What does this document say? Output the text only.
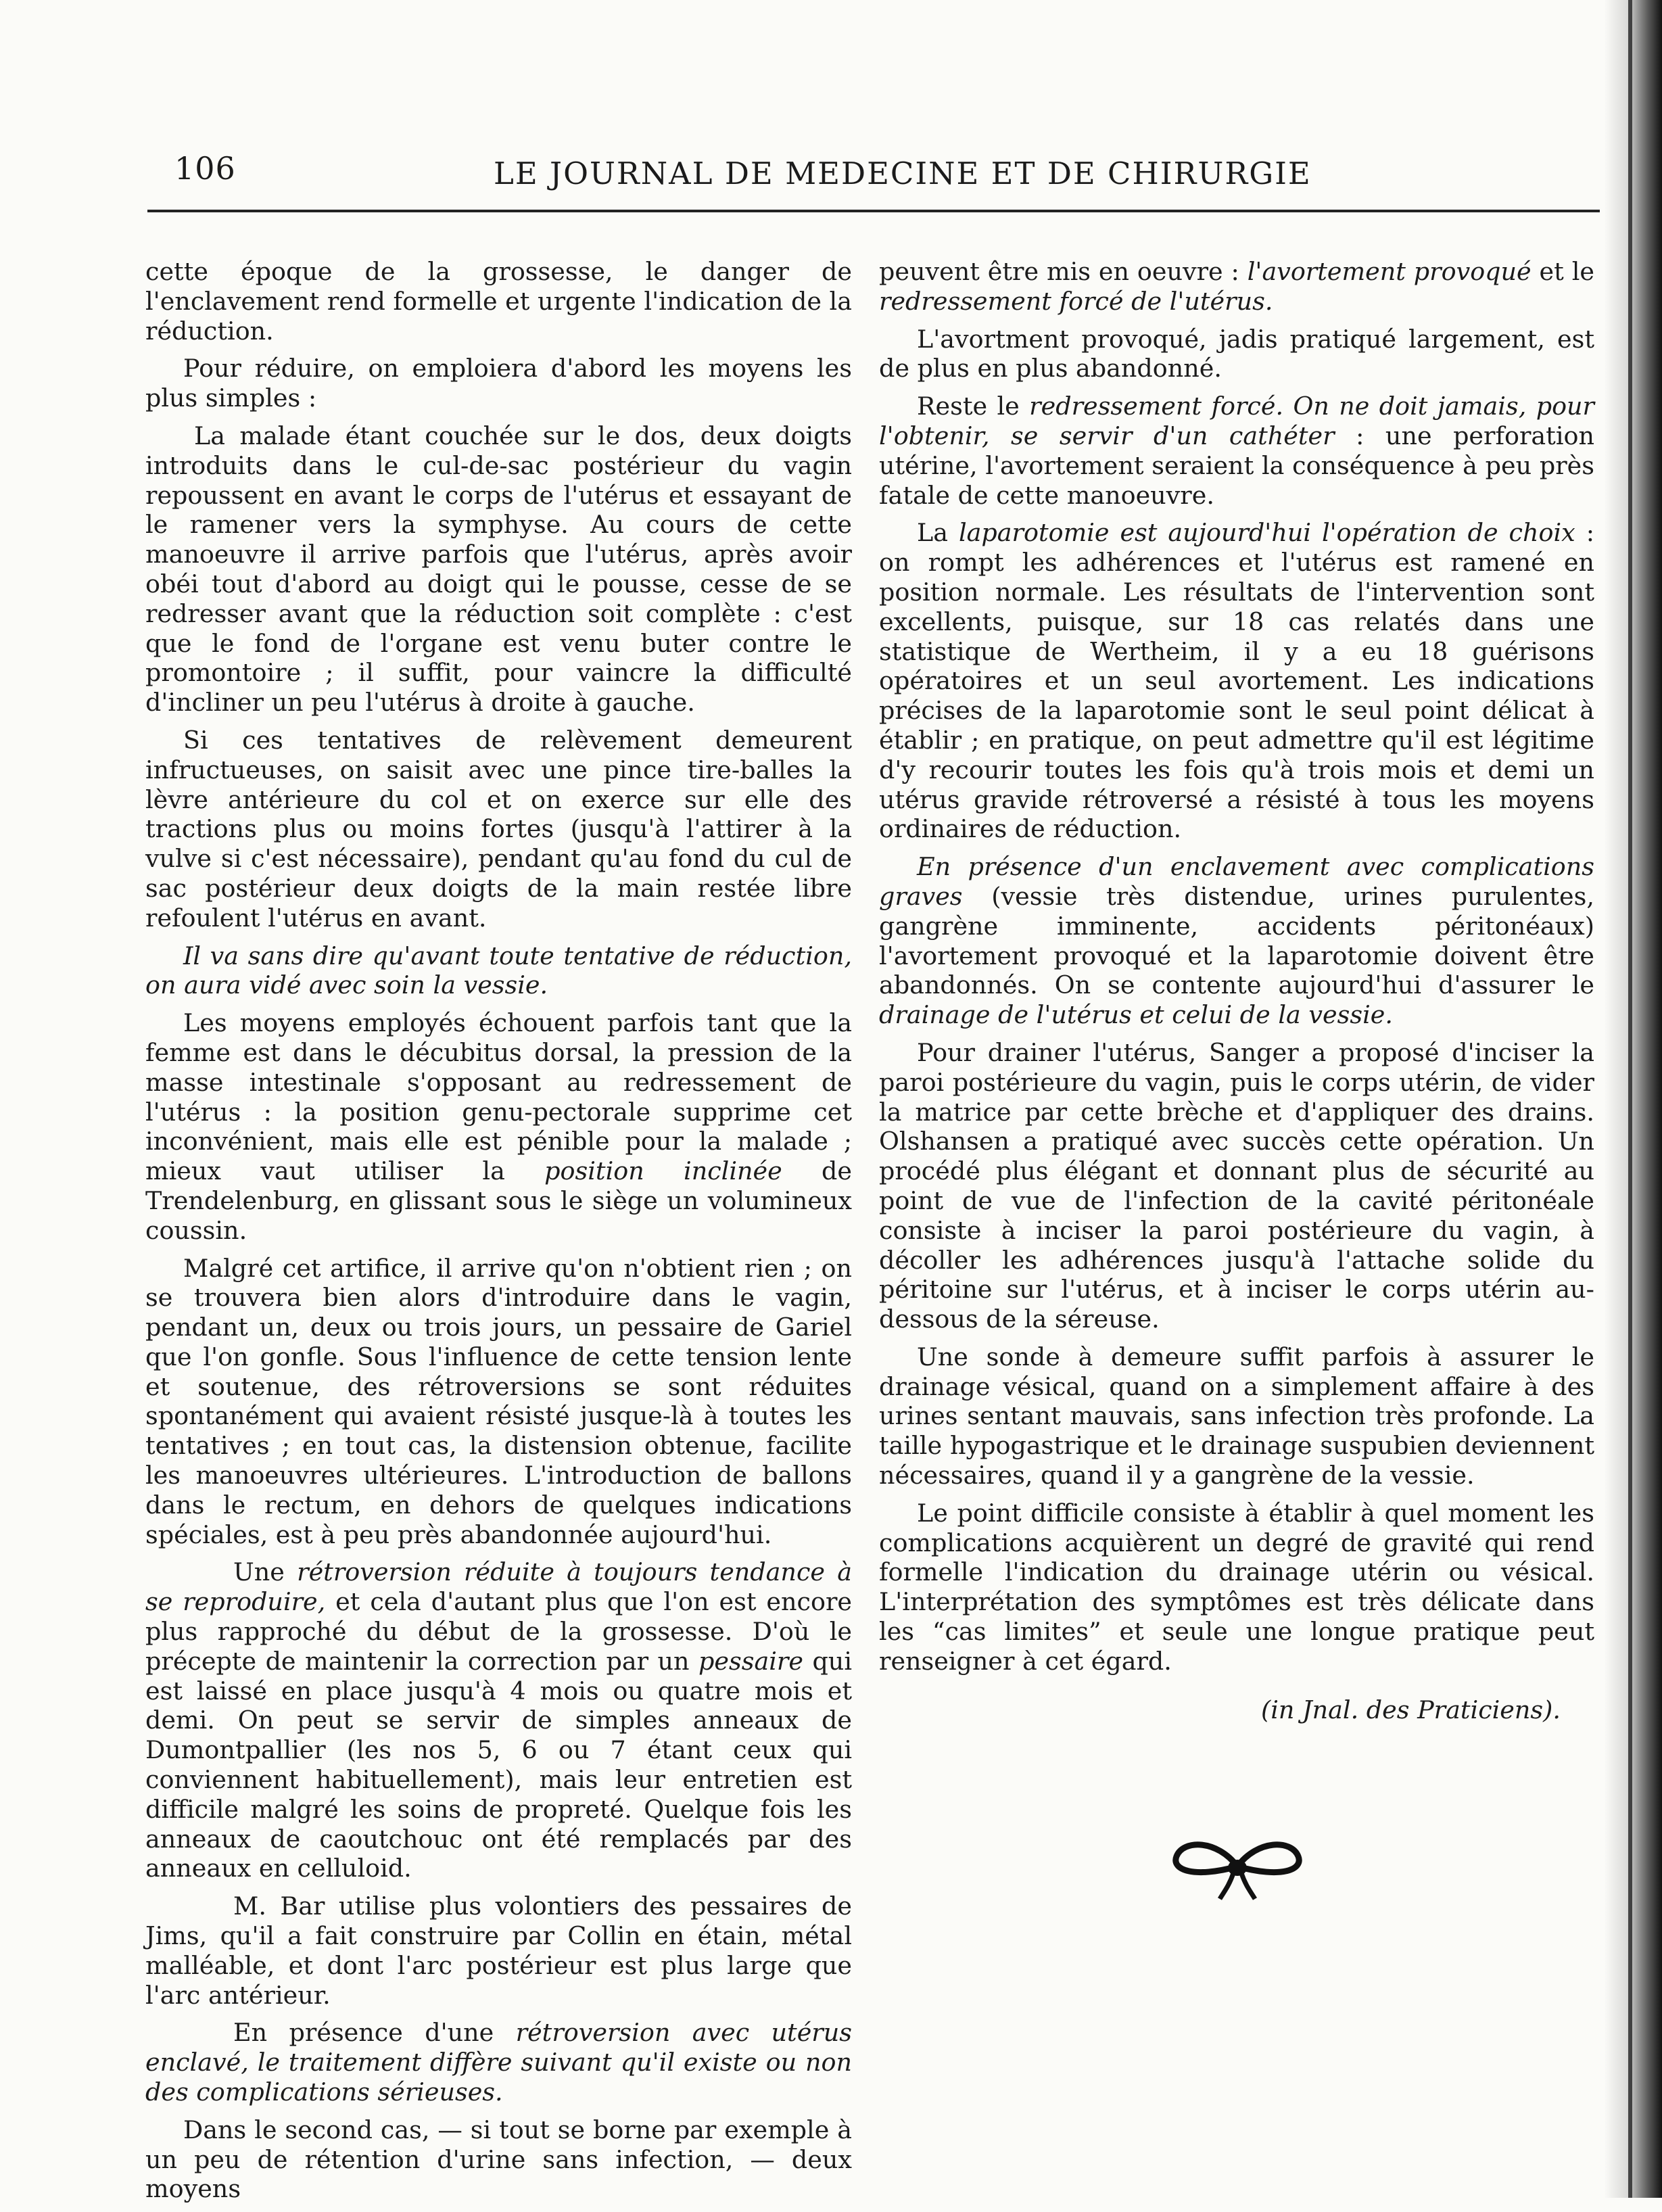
106	LE JOURNAL DE MEDECINE ET DE CHIRURGIE

cette époque de la grossesse, le danger de l'enclavement rend formelle et urgente l'indication de la réduction.

Pour réduire, on emploiera d'abord les moyens les plus simples :

La malade étant couchée sur le dos, deux doigts introduits dans le cul-de-sac postérieur du vagin repoussent en avant le corps de l'utérus et essayant de le ramener vers la symphyse. Au cours de cette manoeuvre il arrive parfois que l'utérus, après avoir obéi tout d'abord au doigt qui le pousse, cesse de se redresser avant que la réduction soit complète : c'est que le fond de l'organe est venu buter contre le promontoire ; il suffit, pour vaincre la difficulté d'incliner un peu l'utérus à droite à gauche.

Si ces tentatives de relèvement demeurent infructueuses, on saisit avec une pince tire-balles la lèvre antérieure du col et on exerce sur elle des tractions plus ou moins fortes (jusqu'à l'attirer à la vulve si c'est nécessaire), pendant qu'au fond du cul de sac postérieur deux doigts de la main restée libre refoulent l'utérus en avant.

Il va sans dire qu'avant toute tentative de réduction, on aura vidé avec soin la vessie.

Les moyens employés échouent parfois tant que la femme est dans le décubitus dorsal, la pression de la masse intestinale s'opposant au redressement de l'utérus : la position genu-pectorale supprime cet inconvénient, mais elle est pénible pour la malade ; mieux vaut utiliser la position inclinée de Trendelenburg, en glissant sous le siège un volumineux coussin.

Malgré cet artifice, il arrive qu'on n'obtient rien ; on se trouvera bien alors d'introduire dans le vagin, pendant un, deux ou trois jours, un pessaire de Gariel que l'on gonfle. Sous l'influence de cette tension lente et soutenue, des rétroversions se sont réduites spontanément qui avaient résisté jusque-là à toutes les tentatives ; en tout cas, la distension obtenue, facilite les manoeuvres ultérieures. L'introduction de ballons dans le rectum, en dehors de quelques indications spéciales, est à peu près abandonnée aujourd'hui.

Une rétroversion réduite à toujours tendance à se reproduire, et cela d'autant plus que l'on est encore plus rapproché du début de la grossesse. D'où le précepte de maintenir la correction par un pessaire qui est laissé en place jusqu'à 4 mois ou quatre mois et demi. On peut se servir de simples anneaux de Dumontpallier (les nos 5, 6 ou 7 étant ceux qui conviennent habituellement), mais leur entretien est difficile malgré les soins de propreté. Quelque fois les anneaux de caoutchouc ont été remplacés par des anneaux en celluloid.

M. Bar utilise plus volontiers des pessaires de Jims, qu'il a fait construire par Collin en étain, métal malléable, et dont l'arc postérieur est plus large que l'arc antérieur.

En présence d'une rétroversion avec utérus enclavé, le traitement diffère suivant qu'il existe ou non des complications sérieuses.

Dans le second cas, — si tout se borne par exemple à un peu de rétention d'urine sans infection, — deux moyens

peuvent être mis en oeuvre : l'avortement provoqué et le redressement forcé de l'utérus.

L'avortment provoqué, jadis pratiqué largement, est de plus en plus abandonné.

Reste le redressement forcé. On ne doit jamais, pour l'obtenir, se servir d'un cathéter : une perforation utérine, l'avortement seraient la conséquence à peu près fatale de cette manoeuvre.

La laparotomie est aujourd'hui l'opération de choix : on rompt les adhérences et l'utérus est ramené en position normale. Les résultats de l'intervention sont excellents, puisque, sur 18 cas relatés dans une statistique de Wertheim, il y a eu 18 guérisons opératoires et un seul avortement. Les indications précises de la laparotomie sont le seul point délicat à établir ; en pratique, on peut admettre qu'il est légitime d'y recourir toutes les fois qu'à trois mois et demi un utérus gravide rétroversé a résisté à tous les moyens ordinaires de réduction.

En présence d'un enclavement avec complications graves (vessie très distendue, urines purulentes, gangrène imminente, accidents péritonéaux) l'avortement provoqué et la laparotomie doivent être abandonnés. On se contente aujourd'hui d'assurer le drainage de l'utérus et celui de la vessie.

Pour drainer l'utérus, Sanger a proposé d'inciser la paroi postérieure du vagin, puis le corps utérin, de vider la matrice par cette brèche et d'appliquer des drains. Olshansen a pratiqué avec succès cette opération. Un procédé plus élégant et donnant plus de sécurité au point de vue de l'infection de la cavité péritonéale consiste à inciser la paroi postérieure du vagin, à décoller les adhérences jusqu'à l'attache solide du péritoine sur l'utérus, et à inciser le corps utérin au-dessous de la séreuse.

Une sonde à demeure suffit parfois à assurer le drainage vésical, quand on a simplement affaire à des urines sentant mauvais, sans infection très profonde. La taille hypogastrique et le drainage suspubien deviennent nécessaires, quand il y a gangrène de la vessie.

Le point difficile consiste à établir à quel moment les complications acquièrent un degré de gravité qui rend formelle l'indication du drainage utérin ou vésical. L'interprétation des symptômes est très délicate dans les “cas limites” et seule une longue pratique peut renseigner à cet égard.

(in Jnal. des Praticiens).
